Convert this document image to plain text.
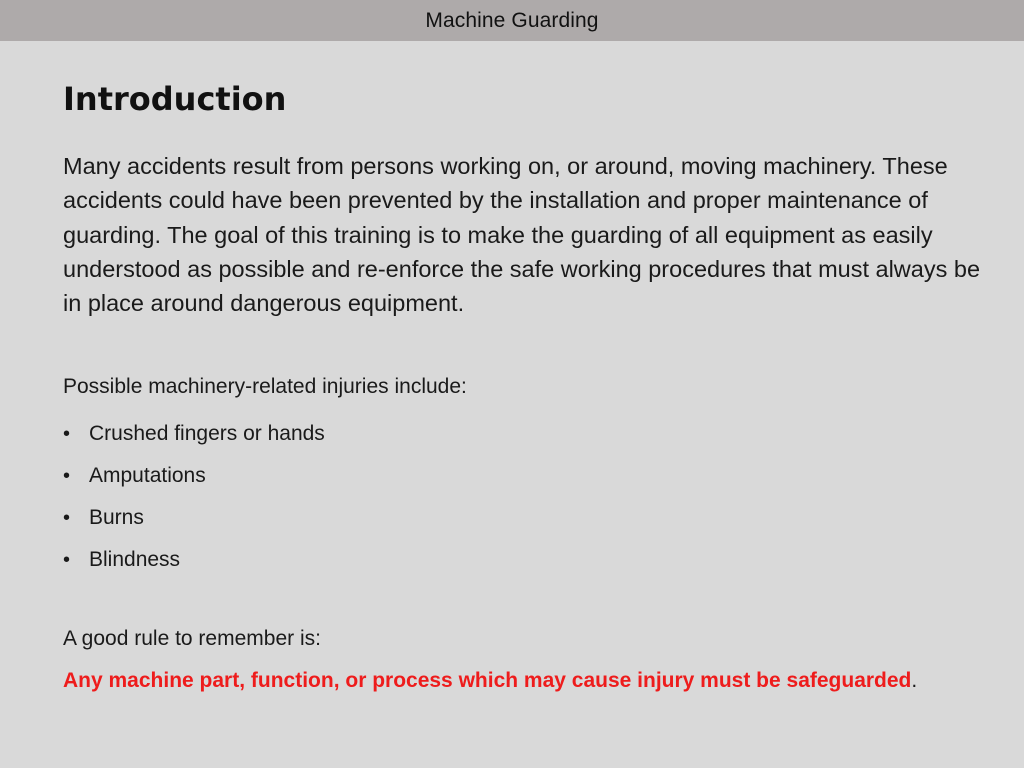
Machine Guarding
Introduction

Many accidents result from persons working on, or around, moving machinery. These accidents could have been prevented by the installation and proper maintenance of guarding. The goal of this training is to make the guarding of all equipment as easily understood as possible and re-enforce the safe working procedures that must always be in place around dangerous equipment.

Possible machinery-related injuries include:

• Crushed fingers or hands
• Amputations
• Burns
• Blindness

A good rule to remember is:

Any machine part, function, or process which may cause injury must be safeguarded.
